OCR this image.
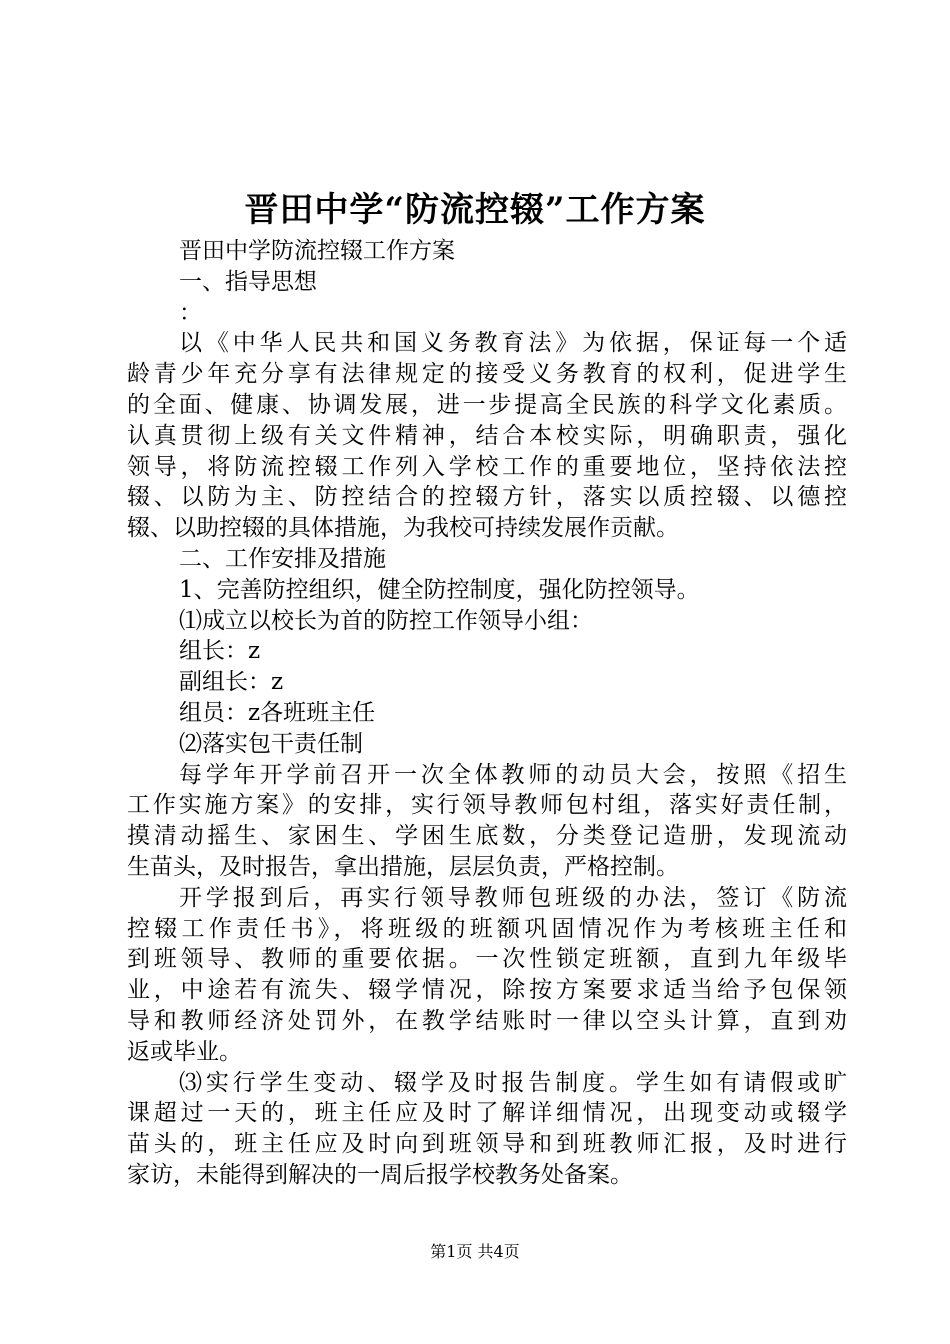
晋田中学“防流控辍”工作方案
晋田中学防流控辍工作方案
一、指导思想
：
以《中华人民共和国义务教育法》为依据，保证每一个适
龄青少年充分享有法律规定的接受义务教育的权利，促进学生
的全面、健康、协调发展，进一步提高全民族的科学文化素质。
认真贯彻上级有关文件精神，结合本校实际，明确职责，强化
领导，将防流控辍工作列入学校工作的重要地位，坚持依法控
辍、以防为主、防控结合的控辍方针，落实以质控辍、以德控
辍、以助控辍的具体措施，为我校可持续发展作贡献。
二、工作安排及措施
1、完善防控组织，健全防控制度，强化防控领导。
⑴成立以校长为首的防控工作领导小组：
组长：z
副组长：z
组员：z各班班主任
⑵落实包干责任制
每学年开学前召开一次全体教师的动员大会，按照《招生
工作实施方案》的安排，实行领导教师包村组，落实好责任制，
摸清动摇生、家困生、学困生底数，分类登记造册，发现流动
生苗头，及时报告，拿出措施，层层负责，严格控制。
开学报到后，再实行领导教师包班级的办法，签订《防流
控辍工作责任书》，将班级的班额巩固情况作为考核班主任和
到班领导、教师的重要依据。一次性锁定班额，直到九年级毕
业，中途若有流失、辍学情况，除按方案要求适当给予包保领
导和教师经济处罚外，在教学结账时一律以空头计算，直到劝
返或毕业。
⑶实行学生变动、辍学及时报告制度。学生如有请假或旷
课超过一天的，班主任应及时了解详细情况，出现变动或辍学
苗头的，班主任应及时向到班领导和到班教师汇报，及时进行
家访，未能得到解决的一周后报学校教务处备案。
第1页 共4页
